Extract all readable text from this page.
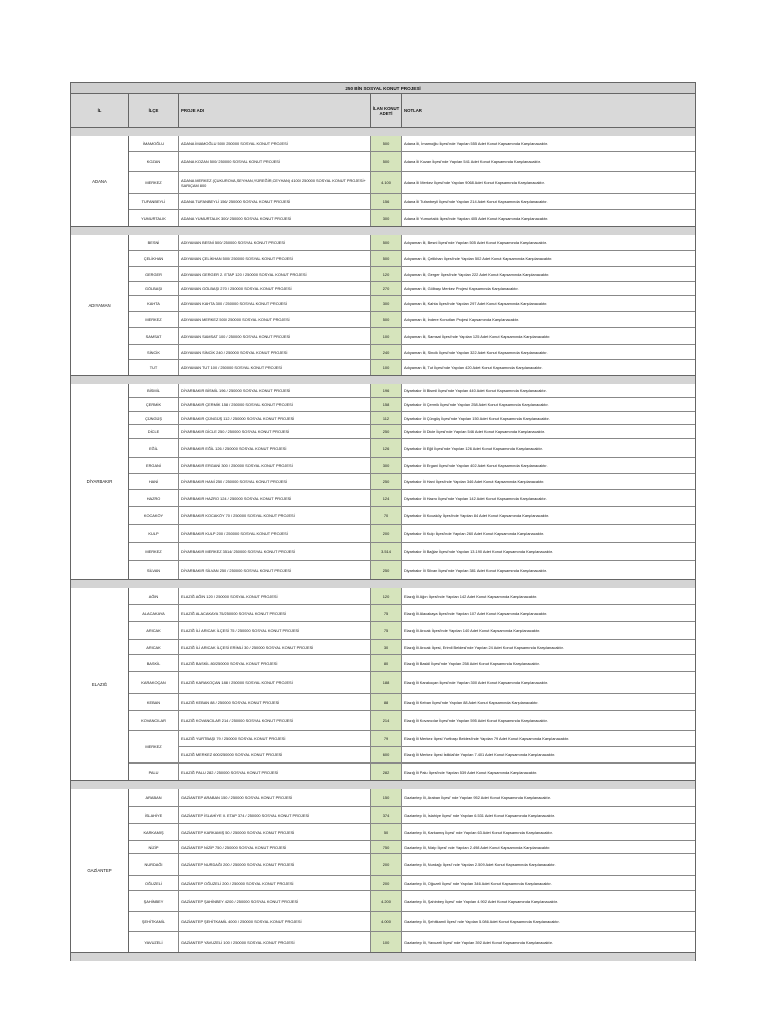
250 BİN SOSYAL KONUT PROJESİ
İL	İLÇE	PROJE ADI	İLAN KONUT ADETİ	NOTLAR
ADANA
İMAMOĞLU	ADANA İMAMOĞLU 500/ 250000 SOSYAL KONUT PROJESİ	500	Adana İli, İmamoğlu İlçesi'nde Yapılan 555 Adet Konut Kapsamında Karşılanacaktır.
KOZAN	ADANA KOZAN 500/ 250000 SOSYAL KONUT PROJESİ	500	Adana İli Kozan İlçesi'nde Yapılan 541 Adet Konut Kapsamında Karşılanacaktır.
MERKEZ	ADANA MERKEZ (ÇUKUROVA,SEYHAN,YÜREĞİR,CEYHAN) 4100/ 250000 SOSYAL KONUT PROJESİ+ SARIÇAM 800	4.100	Adana İli Merkez İlçesi'nde Yapılan 9068 Adet Konut Kapsamında Karşılanacaktır.
TUFANBEYLİ	ADANA TUFANBEYLİ 156/ 250000 SOSYAL KONUT PROJESİ	156	Adana İli Tufanbeyli İlçesi'nde Yapılan 214 Adet Konut Kapsamında Karşılanacaktır.
YUMURTALIK	ADANA YUMURTALIK 300/ 250000 SOSYAL KONUT PROJESİ	300	Adana İli Yumurtalık İlçesi'nde Yapılan 405 Adet Konut Kapsamında Karşılanacaktır.
ADIYAMAN
BESNİ	ADIYAMAN BESNİ 500/ 250000 SOSYAL KONUT PROJESİ	500	Adıyaman İli, Besni İlçesi'nde Yapılan 505 Adet Konut Kapsamında Karşılanacaktır.
ÇELİKHAN	ADIYAMAN ÇELİKHAN 500/ 250000 SOSYAL KONUT PROJESİ	500	Adıyaman İli, Çelikhan İlçesi'nde Yapılan 502 Adet Konut Kapsamında Karşılanacaktır.
GERGER	ADIYAMAN GERGER 2. ETAP 120 / 250000 SOSYAL KONUT PROJESİ	120	Adıyaman İli, Gerger İlçesi'nde Yapılan 222 Adet Konut Kapsamında Karşılanacaktır.
GÖLBAŞI	ADIYAMAN GÖLBAŞI 270 / 250000 SOSYAL KONUT PROJESİ	270	Adıyaman İli, Gölbaşı Merkez Projesi Kapsamında Karşılanacaktır.
KAHTA	ADIYAMAN KAHTA 300 / 250000 SOSYAL KONUT PROJESİ	300	Adıyaman İli, Kahta İlçesi'nde Yapılan 297 Adet Konut Kapsamında Karşılanacaktır.
MERKEZ	ADIYAMAN MERKEZ 500/ 250000 SOSYAL KONUT PROJESİ	500	Adıyaman İli, İndere Konutları Projesi Kapsamında Karşılanacaktır.
SAMSAT	ADIYAMAN SAMSAT 100 / 250000 SOSYAL KONUT PROJESİ	100	Adıyaman İli, Samsat İlçesi'nde Yapılan 125 Adet Konut Kapsamında Karşılanacaktır.
SİNCİK	ADIYAMAN SİNCİK 240 / 250000 SOSYAL KONUT PROJESİ	240	Adıyaman İli, Sincik İlçesi'nde Yapılan 322 Adet Konut Kapsamında Karşılanacaktır.
TUT	ADIYAMAN TUT 100 / 250000 SOSYAL KONUT PROJESİ	100	Adıyaman İli, Tut İlçesi'nde Yapılan 420 Adet Konut Kapsamında Karşılanacaktır.
DİYARBAKIR
BİSMİL	DİYARBAKIR BİSMİL 196 / 250000 SOSYAL KONUT PROJESİ	196	Diyarbakır İli Bismil İlçesi'nde Yapılan 440 Adet Konut Kapsamında Karşılanacaktır.
ÇERMİK	DİYARBAKIR ÇERMİK 158 / 250000 SOSYAL KONUT PROJESİ	158	Diyarbakır İli Çermik İlçesi'nde Yapılan 258 Adet Konut Kapsamında Karşılanacaktır.
ÇÜNGÜŞ	DİYARBAKIR ÇÜNGÜŞ 112 / 250000 SOSYAL KONUT PROJESİ	112	Diyarbakır İli Çüngüş İlçesi'nde Yapılan 150 Adet Konut Kapsamında Karşılanacaktır.
DİCLE	DİYARBAKIR DİCLE 250 / 250000 SOSYAL KONUT PROJESİ	250	Diyarbakır İli Dicle İlçesi'nde Yapılan 546 Adet Konut Kapsamında Karşılanacaktır.
EĞİL	DİYARBAKIR EĞİL 126 / 250000 SOSYAL KONUT PROJESİ	126	Diyarbakır İli Eğil İlçesi'nde Yapılan 126 Adet Konut Kapsamında Karşılanacaktır.
ERGANİ	DİYARBAKIR ERGANİ 300 / 250000 SOSYAL KONUT PROJESİ	300	Diyarbakır İli Ergani İlçesi'nde Yapılan 402 Adet Konut Kapsamında Karşılanacaktır.
HANİ	DİYARBAKIR HANİ 250 / 250000 SOSYAL KONUT PROJESİ	250	Diyarbakır İli Hani İlçesi'nde Yapılan 346 Adet Konut Kapsamında Karşılanacaktır.
HAZRO	DİYARBAKIR HAZRO 124 / 250000 SOSYAL KONUT PROJESİ	124	Diyarbakır İli Hazro İlçesi'nde Yapılan 142 Adet Konut Kapsamında Karşılanacaktır.
KOCAKÖY	DİYARBAKIR KOCAKÖY 70 / 250000 SOSYAL KONUT PROJESİ	70	Diyarbakır İli Kocaköy İlçesi'nde Yapılan 84 Adet Konut Kapsamında Karşılanacaktır.
KULP	DİYARBAKIR KULP 200 / 250000 SOSYAL KONUT PROJESİ	200	Diyarbakır İli Kulp İlçesi'nde Yapılan 260 Adet Konut Kapsamında Karşılanacaktır.
MERKEZ	DİYARBAKIR MERKEZ 3514/ 250000 SOSYAL KONUT PROJESİ	3.514	Diyarbakır İli Bağlar İlçesi'nde Yapılan 13.190 Adet Konut Kapsamında Karşılanacaktır.
SİLVAN	DİYARBAKIR SİLVAN 250 / 250000 SOSYAL KONUT PROJESİ	250	Diyarbakır İli Silvan İlçesi'nde Yapılan 381 Adet Konut Kapsamında Karşılanacaktır.
ELAZIĞ
AĞIN	ELAZIĞ AĞIN 120 / 250000 SOSYAL KONUT PROJESİ	120	Elazığ İli Ağın İlçesi'nde Yapılan 142 Adet Konut Kapsamında Karşılanacaktır.
ALACAKAYA	ELAZIĞ ALACAKAYA 75/250000 SOSYAL KONUT PROJESİ	75	Elazığ İli Alacakaya İlçesi'nde Yapılan 107 Adet Konut Kapsamında Karşılanacaktır.
ARICAK	ELAZIĞ İLİ ARICAK İLÇESİ 75 / 250000 SOSYAL KONUT PROJESİ	75	Elazığ İli Arıcak İlçesi'nde Yapılan 140 Adet Konut Kapsamında Karşılanacaktır.
ARICAK	ELAZIĞ İLİ ARICAK İLÇESİ ERİMLİ 30 / 250000 SOSYAL KONUT PROJESİ	30	Elazığ İli Arıcak İlçesi, Erimli Beldesi'nde Yapılan 24 Adet Konut Kapsamında Karşılanacaktır.
BASKİL	ELAZIĞ BASKİL 80/250000 SOSYAL KONUT PROJESİ	80	Elazığ İli Baskil İlçesi'nde Yapılan 258 Adet Konut Kapsamında Karşılanacaktır.
KARAKOÇAN	ELAZIĞ KARAKOÇAN 188 / 250000 SOSYAL KONUT PROJESİ	188	Elazığ İli Karakoçan İlçesi'nde Yapılan 300 Adet Konut Kapsamında Karşılanacaktır.
KEBAN	ELAZIĞ KEBAN 88 / 250000 SOSYAL KONUT PROJESİ	88	Elazığ İli Keban İlçesi'nde Yapılan 88 Adet Konut Kapsamında Karşılanacaktır.
KOVANCILAR	ELAZIĞ KOVANCILAR 214 / 250000 SOSYAL KONUT PROJESİ	214	Elazığ İli Kovancılar İlçesi'nde Yapılan 595 Adet Konut Kapsamında Karşılanacaktır.
MERKEZ
ELAZIĞ YURTBAŞI 79 / 250000 SOSYAL KONUT PROJESİ	79	Elazığ İli Merkez İlçesi Yurtbaşı Beldesi'nde Yapılan 79 Adet Konut Kapsamında Karşılanacaktır.
ELAZIĞ MERKEZ 600/250000 SOSYAL KONUT PROJESİ	600	Elazığ İli Merkez İlçesi İstiklal'de Yapılan 7.401 Adet Konut Kapsamında Karşılanacaktır.
PALU	ELAZIĞ PALU 282 / 250000 SOSYAL KONUT PROJESİ	282	Elazığ İli Palu İlçesi'nde Yapılan 539 Adet Konut Kapsamında Karşılanacaktır.
GAZİANTEP
ARABAN	GAZİANTEP ARABAN 150 / 250000 SOSYAL KONUT PROJESİ	150	Gaziantep İli, Araban İlçesi' nde Yapılan 952 Adet Konut Kapsamında Karşılanacaktır.
İSLAHİYE	GAZİANTEP İSLAHİYE II. ETAP 374 / 250000 SOSYAL KONUT PROJESİ	374	Gaziantep İli, İslahiye İlçesi' nde Yapılan 6.531 Adet Konut Kapsamında Karşılanacaktır.
KARKAMIŞ	GAZİANTEP KARKAMIŞ 50 / 250000 SOSYAL KONUT PROJESİ	50	Gaziantep İli, Karkamış İlçesi' nde Yapılan 63 Adet Konut Kapsamında Karşılanacaktır.
NİZİP	GAZİANTEP NİZİP 750 / 250000 SOSYAL KONUT PROJESİ	750	Gaziantep İli, Nizip İlçesi' nde Yapılan 2.498 Adet Konut Kapsamında Karşılanacaktır.
NURDAĞI	GAZİANTEP NURDAĞI 200 / 250000 SOSYAL KONUT PROJESİ	200	Gaziantep İli, Nurdağı İlçesi' nde Yapılan 2.509 Adet Konut Kapsamında Karşılanacaktır.
OĞUZELİ	GAZİANTEP OĞUZELİ 200 / 250000 SOSYAL KONUT PROJESİ	200	Gaziantep İli, Oğuzeli İlçesi' nde Yapılan 346 Adet Konut Kapsamında Karşılanacaktır.
ŞAHİNBEY	GAZİANTEP ŞAHİNBEY 4200 / 250000 SOSYAL KONUT PROJESİ	4.200	Gaziantep İli, Şahinbey İlçesi' nde Yapılan 4.902 Adet Konut Kapsamında Karşılanacaktır.
ŞEHİTKAMİL	GAZİANTEP ŞEHİTKAMİL 4000 / 250000 SOSYAL KONUT PROJESİ	4.000	Gaziantep İli, Şehitkamil İlçesi' nde Yapılan 5.086 Adet Konut Kapsamında Karşılanacaktır.
YAVUZELİ	GAZİANTEP YAVUZELİ 100 / 250000 SOSYAL KONUT PROJESİ	100	Gaziantep İli, Yavuzeli İlçesi' nde Yapılan 392 Adet Konut Kapsamında Karşılanacaktır.
